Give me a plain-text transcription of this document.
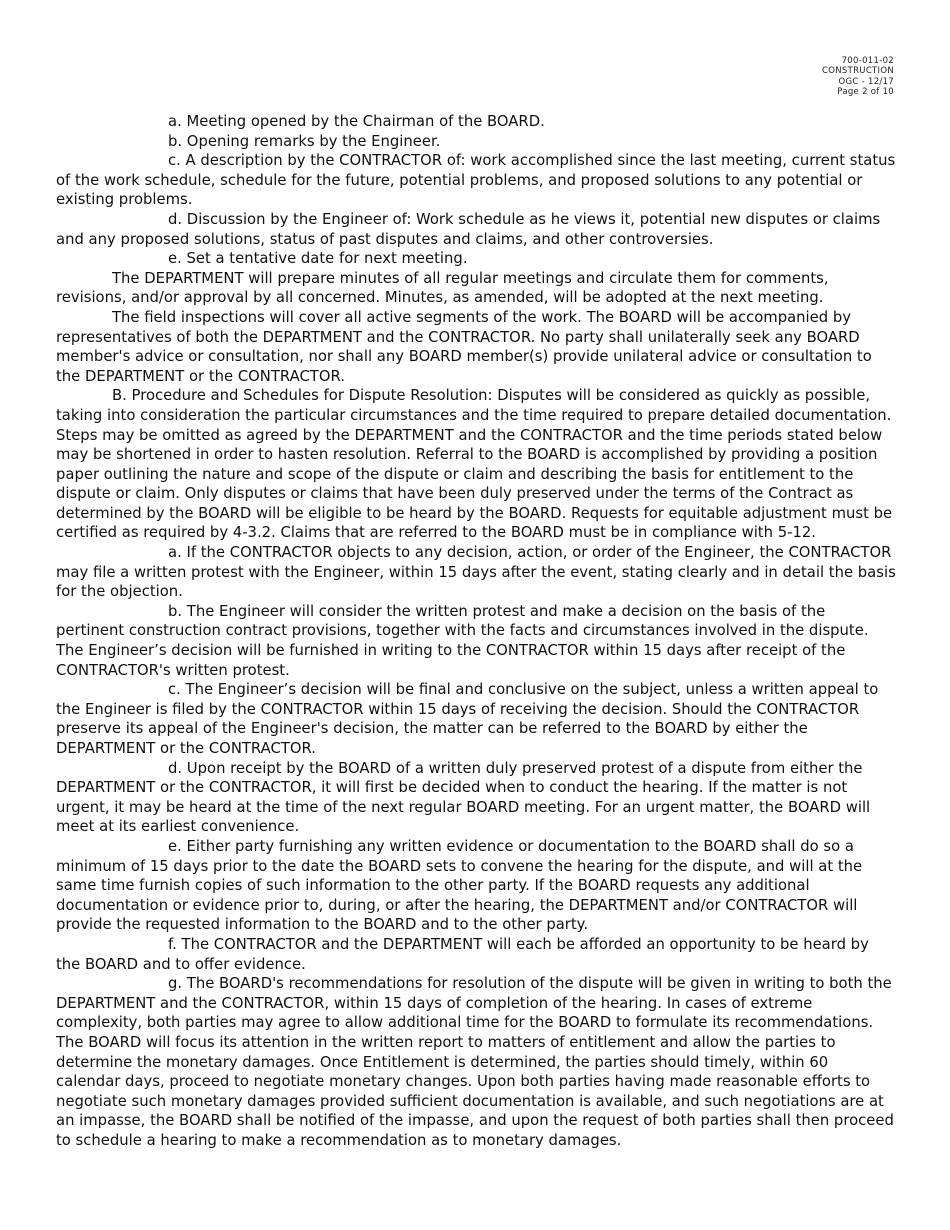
700-011-02
CONSTRUCTION
OGC - 12/17
Page 2 of 10

a. Meeting opened by the Chairman of the BOARD.

b. Opening remarks by the Engineer.

c. A description by the CONTRACTOR of: work accomplished since the last meeting, current status of the work schedule, schedule for the future, potential problems, and proposed solutions to any potential or existing problems.

d. Discussion by the Engineer of: Work schedule as he views it, potential new disputes or claims and any proposed solutions, status of past disputes and claims, and other controversies.

e. Set a tentative date for next meeting.

The DEPARTMENT will prepare minutes of all regular meetings and circulate them for comments, revisions, and/or approval by all concerned. Minutes, as amended, will be adopted at the next meeting.

The field inspections will cover all active segments of the work. The BOARD will be accompanied by representatives of both the DEPARTMENT and the CONTRACTOR. No party shall unilaterally seek any BOARD member's advice or consultation, nor shall any BOARD member(s) provide unilateral advice or consultation to the DEPARTMENT or the CONTRACTOR.

B. Procedure and Schedules for Dispute Resolution: Disputes will be considered as quickly as possible, taking into consideration the particular circumstances and the time required to prepare detailed documentation. Steps may be omitted as agreed by the DEPARTMENT and the CONTRACTOR and the time periods stated below may be shortened in order to hasten resolution. Referral to the BOARD is accomplished by providing a position paper outlining the nature and scope of the dispute or claim and describing the basis for entitlement to the dispute or claim. Only disputes or claims that have been duly preserved under the terms of the Contract as determined by the BOARD will be eligible to be heard by the BOARD. Requests for equitable adjustment must be certified as required by 4-3.2. Claims that are referred to the BOARD must be in compliance with 5-12.

a. If the CONTRACTOR objects to any decision, action, or order of the Engineer, the CONTRACTOR may file a written protest with the Engineer, within 15 days after the event, stating clearly and in detail the basis for the objection.

b. The Engineer will consider the written protest and make a decision on the basis of the pertinent construction contract provisions, together with the facts and circumstances involved in the dispute. The Engineer’s decision will be furnished in writing to the CONTRACTOR within 15 days after receipt of the CONTRACTOR's written protest.

c. The Engineer’s decision will be final and conclusive on the subject, unless a written appeal to the Engineer is filed by the CONTRACTOR within 15 days of receiving the decision. Should the CONTRACTOR preserve its appeal of the Engineer's decision, the matter can be referred to the BOARD by either the DEPARTMENT or the CONTRACTOR.

d. Upon receipt by the BOARD of a written duly preserved protest of a dispute from either the DEPARTMENT or the CONTRACTOR, it will first be decided when to conduct the hearing. If the matter is not urgent, it may be heard at the time of the next regular BOARD meeting. For an urgent matter, the BOARD will meet at its earliest convenience.

e. Either party furnishing any written evidence or documentation to the BOARD shall do so a minimum of 15 days prior to the date the BOARD sets to convene the hearing for the dispute, and will at the same time furnish copies of such information to the other party. If the BOARD requests any additional documentation or evidence prior to, during, or after the hearing, the DEPARTMENT and/or CONTRACTOR will provide the requested information to the BOARD and to the other party.

f. The CONTRACTOR and the DEPARTMENT will each be afforded an opportunity to be heard by the BOARD and to offer evidence.

g. The BOARD's recommendations for resolution of the dispute will be given in writing to both the DEPARTMENT and the CONTRACTOR, within 15 days of completion of the hearing. In cases of extreme complexity, both parties may agree to allow additional time for the BOARD to formulate its recommendations. The BOARD will focus its attention in the written report to matters of entitlement and allow the parties to determine the monetary damages. Once Entitlement is determined, the parties should timely, within 60 calendar days, proceed to negotiate monetary changes. Upon both parties having made reasonable efforts to negotiate such monetary damages provided sufficient documentation is available, and such negotiations are at an impasse, the BOARD shall be notified of the impasse, and upon the request of both parties shall then proceed to schedule a hearing to make a recommendation as to monetary damages.
